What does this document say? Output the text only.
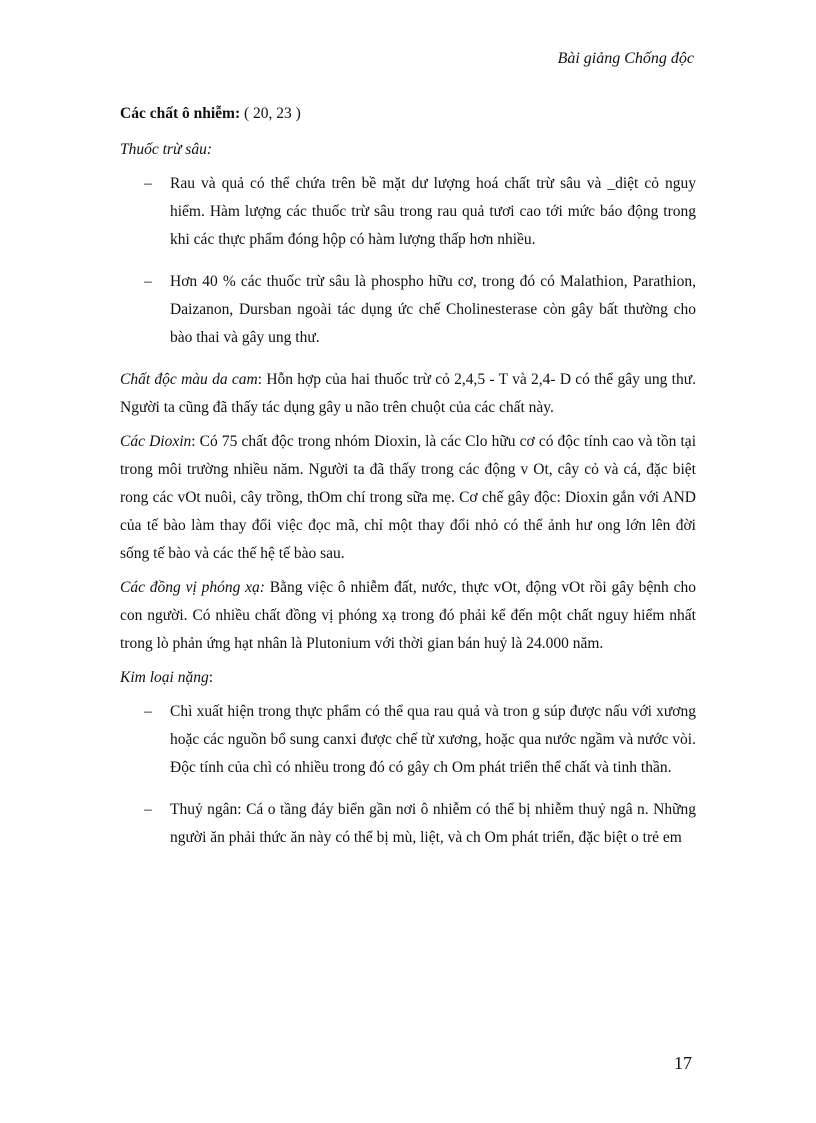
Bài giảng Chống độc

Các chất ô nhiễm: ( 20, 23 )

Thuốc trừ sâu:

– Rau và quả có thể chứa trên bề mặt dư lượng hoá chất trừ sâu và _diệt cỏ nguy hiểm. Hàm lượng các thuốc trừ sâu trong rau quả tươi cao tới mức báo động trong khi các thực phẩm đóng hộp có hàm lượng thấp hơn nhiều.
– Hơn 40 % các thuốc trừ sâu là phospho hữu cơ, trong đó có Malathion, Parathion, Daizanon, Dursban ngoài tác dụng ức chế Cholinesterase còn gây bất thường cho bào thai và gây ung thư.

Chất độc màu da cam: Hỗn hợp của hai thuốc trừ cỏ 2,4,5 - T và 2,4- D có thể gây ung thư. Người ta cũng đã thấy tác dụng gây u não trên chuột của các chất này.

Các Dioxin: Có 75 chất độc trong nhóm Dioxin, là các Clo hữu cơ có độc tính cao và tồn tại trong môi trường nhiều năm. Người ta đã thấy trong các động v Ot, cây cỏ và cá, đặc biệt rong các vOt nuôi, cây trồng, thOm chí trong sữa mẹ. Cơ chế gây độc: Dioxin gắn với AND của tế bào làm thay đổi việc đọc mã, chỉ một thay đổi nhỏ có thể ảnh hư ong lớn lên đời sống tế bào và các thế hệ tế bào sau.

Các đồng vị phóng xạ: Bằng việc ô nhiễm đất, nước, thực vOt, động vOt rồi gây bệnh cho con người. Có nhiều chất đồng vị phóng xạ trong đó phải kể đến một chất nguy hiểm nhất trong lò phản ứng hạt nhân là Plutonium với thời gian bán huỷ là 24.000 năm.

Kim loại nặng:

– Chì xuất hiện trong thực phẩm có thể qua rau quả và tron g súp được nấu với xương hoặc các nguồn bổ sung canxi được chế từ xương, hoặc qua nước ngầm và nước vòi. Độc tính của chì có nhiều trong đó có gây ch Om phát triển thể chất và tinh thần.
– Thuỷ ngân: Cá o tầng đáy biển gần nơi ô nhiễm có thể bị nhiễm thuỷ ngâ n. Những người ăn phải thức ăn này có thể bị mù, liệt, và ch Om phát triển, đặc biệt o trẻ em
17
